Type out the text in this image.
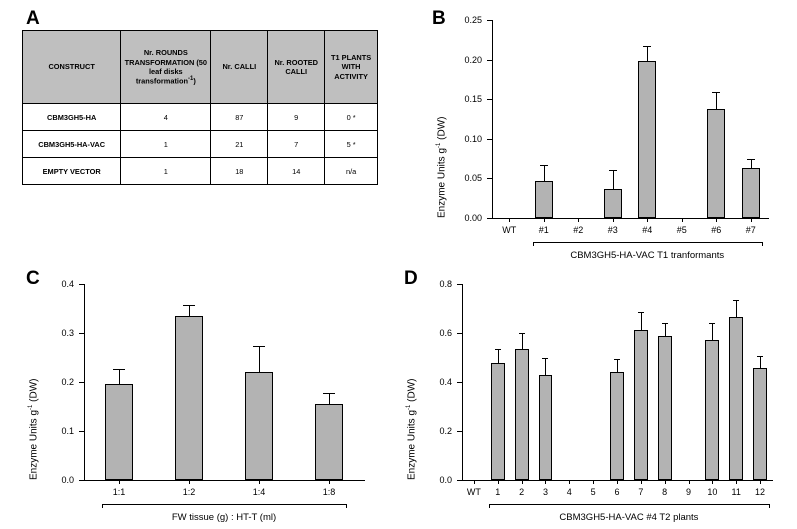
A
CONSTRUCT	Nr. ROUNDS TRANSFORMATION (50 leaf disks transformation$^{-1}$)	Nr. CALLI	Nr. ROOTED CALLI	T1 PLANTS WITH ACTIVITY
CBM3GH5-HA	4	87	9	0 *
CBM3GH5-HA-VAC	1	21	7	5 *
EMPTY VECTOR	1	18	14	n/a
B
0.00
0.05
0.10
0.15
0.20
0.25
Enzyme Units $g^{-1}$ (DW)
WT #1	#2	#3	#4	#5	#6	#7
CBM3GH5-HA-VAC T1 tranformants
C
0.0
0.1
0.2
0.3
0.4
Enzyme Units $g^{-1}$ (DW)
1:1	1:2	1:4	1:8
FW tissue (g) : HT-T (ml)
D
0.0
0.2
0.4
0.6
0.8
Enzyme Units $g^{-1}$ (DW)
WT 1 2 3 4 5 6 7 8 9 10 11 12
CBM3GH5-HA-VAC #4 T2 plants
